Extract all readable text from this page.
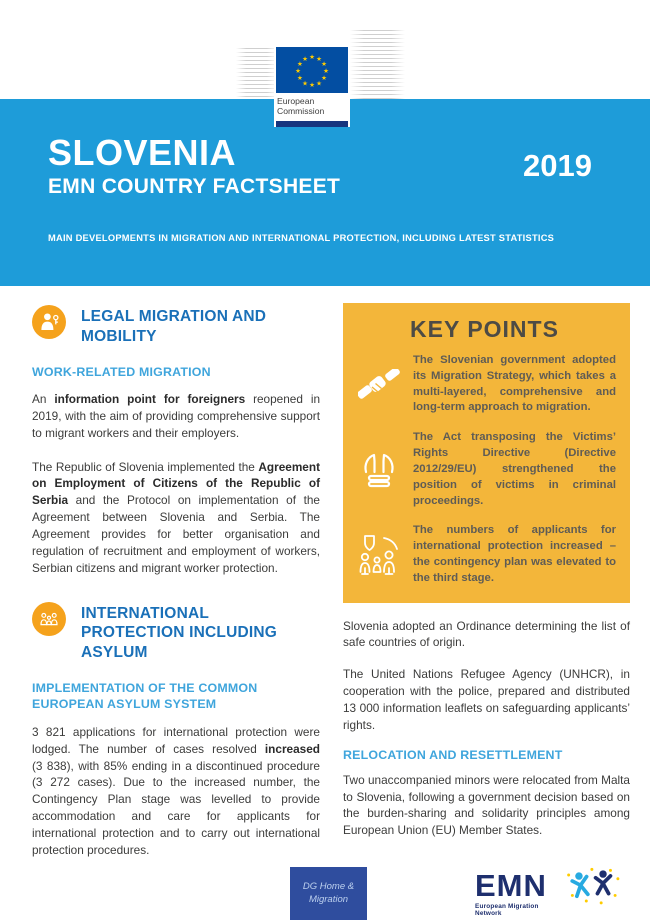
★ ★
★
★
★
★
★
★
★
★
★
★
European
Commission
SLOVENIA
EMN COUNTRY FACTSHEET
2019
MAIN DEVELOPMENTS IN MIGRATION AND INTERNATIONAL PROTECTION, INCLUDING LATEST STATISTICS
LEGAL MIGRATION AND MOBILITY
WORK-RELATED MIGRATION

An information point for foreigners reopened in 2019, with the aim of providing comprehensive support to migrant workers and their employers.

The Republic of Slovenia implemented the Agreement on Employment of Citizens of the Republic of Serbia and the Protocol on implementation of the Agreement between Slovenia and Serbia. The Agreement provides for better organisation and regulation of recruitment and employment of workers, Serbian citizens and migrant worker protection.

INTERNATIONAL PROTECTION INCLUDING ASYLUM
IMPLEMENTATION OF THE COMMON EUROPEAN ASYLUM SYSTEM

3 821 applications for international protection were lodged. The number of cases resolved increased (3 838), with 85% ending in a discontinued procedure (3 272 cases). Due to the increased number, the Contingency Plan stage was levelled to provide accommodation and care for applicants for international protection and to carry out international protection procedures.

KEY POINTS
The Slovenian government adopted its Migration Strategy, which takes a multi-layered, comprehensive and long-term approach to migration.
The Act transposing the Victims’ Rights Directive (Directive 2012/29/EU) strengthened the position of victims in criminal proceedings.
The numbers of applicants for international protection increased – the contingency plan was elevated to the third stage.

Slovenia adopted an Ordinance determining the list of safe countries of origin.

The United Nations Refugee Agency (UNHCR), in cooperation with the police, prepared and distributed 13 000 information leaflets on safeguarding applicants’ rights.

RELOCATION AND RESETTLEMENT

Two unaccompanied minors were relocated from Malta to Slovenia, following a government decision based on the burden-sharing and solidarity principles among European Union (EU) Member States.

DG Home & Migration	EMN
European Migration Network
